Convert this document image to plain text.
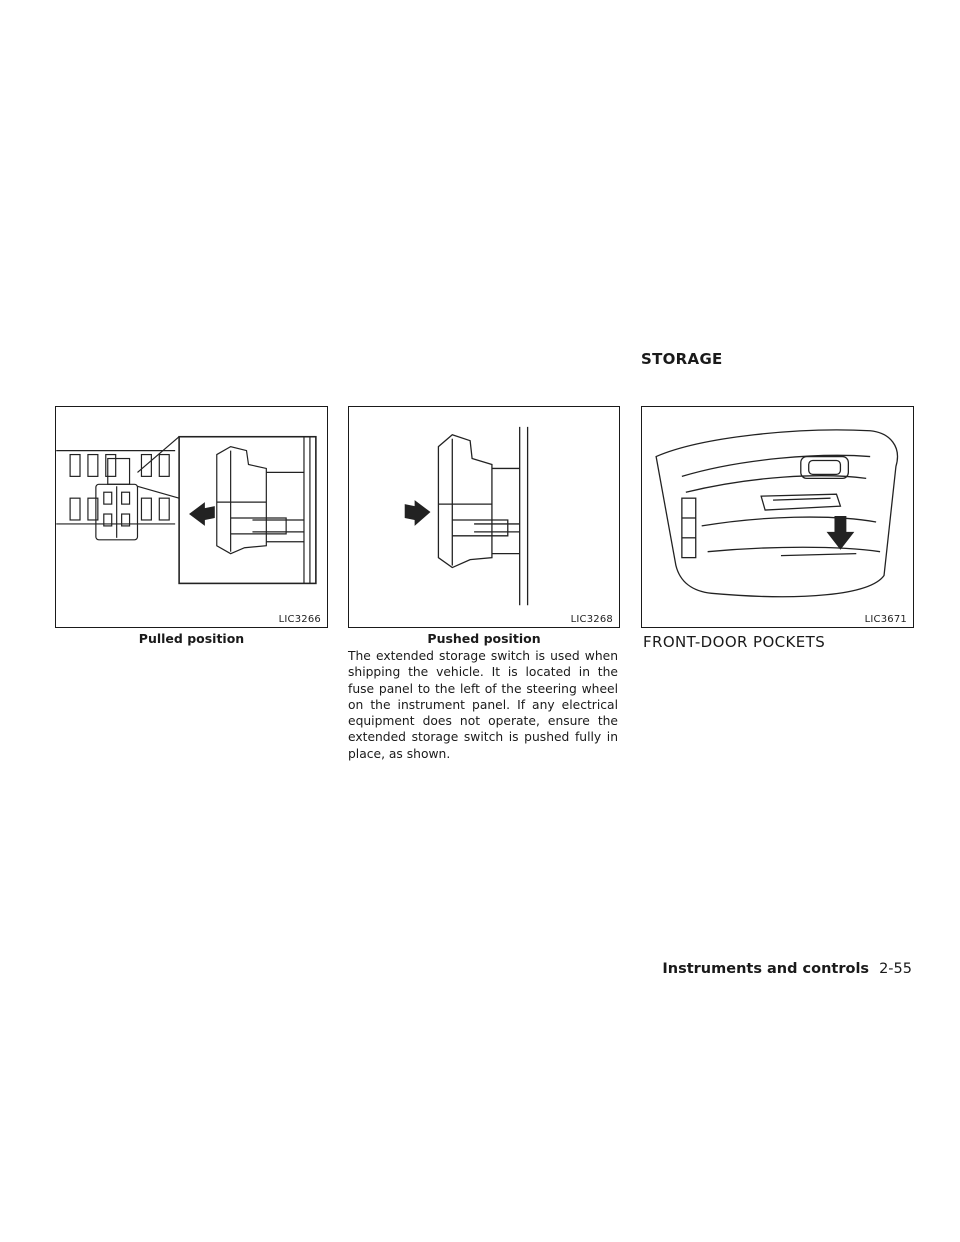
STORAGE
LIC3266
Pulled position
LIC3268
Pushed position
The extended storage switch is used when shipping the vehicle. It is located in the fuse panel to the left of the steering wheel on the instrument panel. If any electrical equipment does not operate, ensure the extended storage switch is pushed fully in place, as shown.
LIC3671
FRONT-DOOR POCKETS
Instruments and controls 2-55
